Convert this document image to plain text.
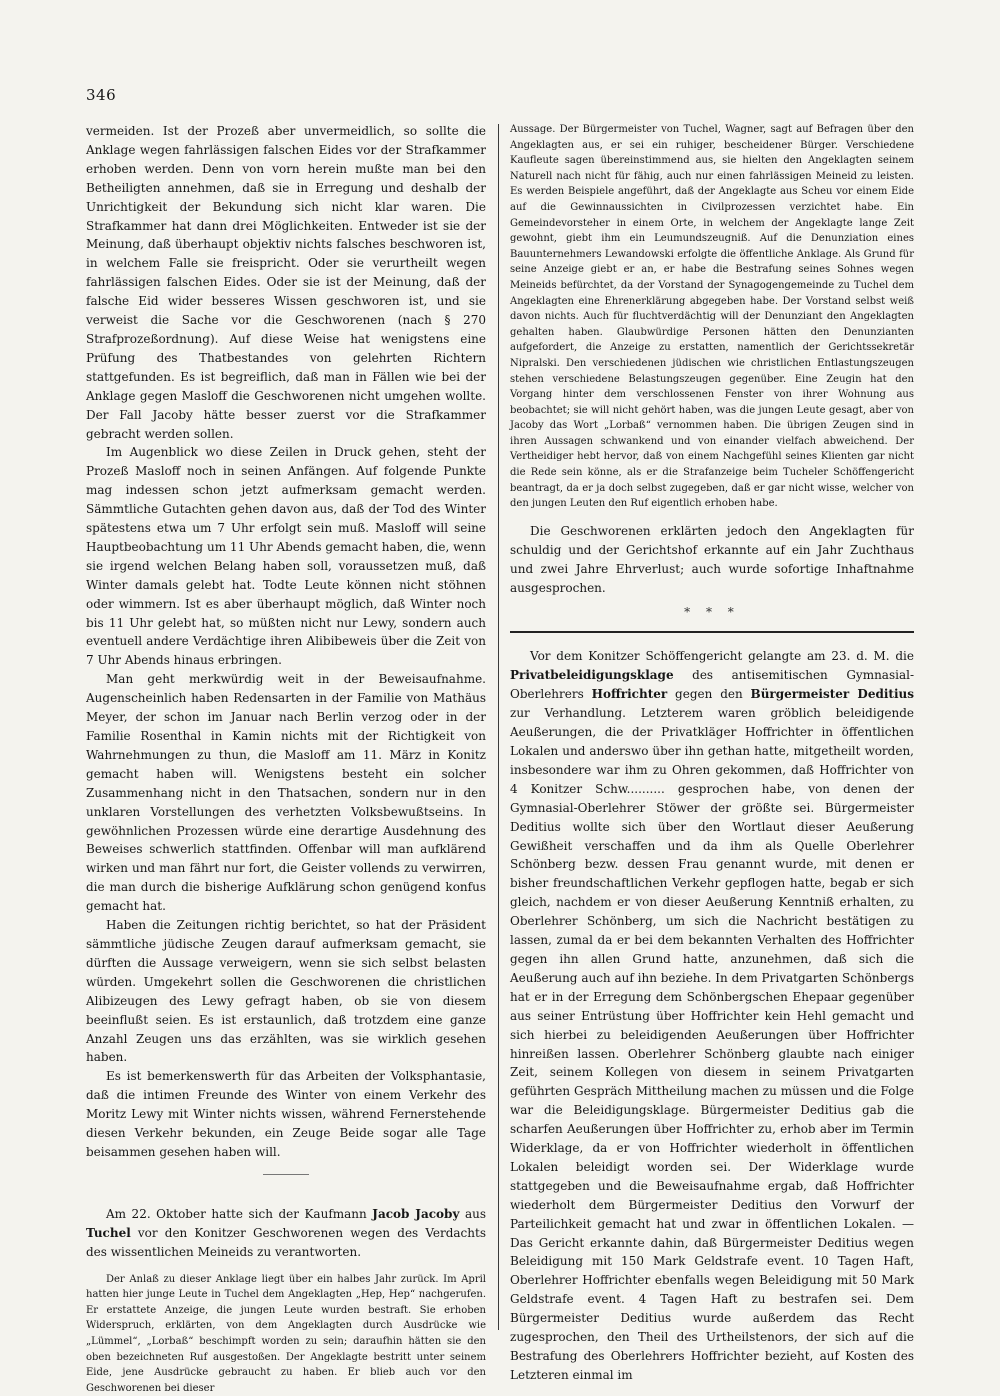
346

vermeiden. Ist der Prozeß aber unvermeidlich, so sollte die Anklage wegen fahrlässigen falschen Eides vor der Strafkammer erhoben werden. Denn von vorn herein mußte man bei den Betheiligten annehmen, daß sie in Erregung und deshalb der Unrichtigkeit der Bekundung sich nicht klar waren. Die Strafkammer hat dann drei Möglichkeiten. Entweder ist sie der Meinung, daß überhaupt objektiv nichts falsches beschworen ist, in welchem Falle sie freispricht. Oder sie verurtheilt wegen fahrlässigen falschen Eides. Oder sie ist der Meinung, daß der falsche Eid wider besseres Wissen geschworen ist, und sie verweist die Sache vor die Geschworenen (nach § 270 Strafprozeßordnung). Auf diese Weise hat wenigstens eine Prüfung des Thatbestandes von gelehrten Richtern stattgefunden. Es ist begreiflich, daß man in Fällen wie bei der Anklage gegen Masloff die Geschworenen nicht umgehen wollte. Der Fall Jacoby hätte besser zuerst vor die Strafkammer gebracht werden sollen.

Im Augenblick wo diese Zeilen in Druck gehen, steht der Prozeß Masloff noch in seinen Anfängen. Auf folgende Punkte mag indessen schon jetzt aufmerksam gemacht werden. Sämmtliche Gutachten gehen davon aus, daß der Tod des Winter spätestens etwa um 7 Uhr erfolgt sein muß. Masloff will seine Hauptbeobachtung um 11 Uhr Abends gemacht haben, die, wenn sie irgend welchen Belang haben soll, voraussetzen muß, daß Winter damals gelebt hat. Todte Leute können nicht stöhnen oder wimmern. Ist es aber überhaupt möglich, daß Winter noch bis 11 Uhr gelebt hat, so müßten nicht nur Lewy, sondern auch eventuell andere Verdächtige ihren Alibibeweis über die Zeit von 7 Uhr Abends hinaus erbringen.

Man geht merkwürdig weit in der Beweisaufnahme. Augenscheinlich haben Redensarten in der Familie von Mathäus Meyer, der schon im Januar nach Berlin verzog oder in der Familie Rosenthal in Kamin nichts mit der Richtigkeit von Wahrnehmungen zu thun, die Masloff am 11. März in Konitz gemacht haben will. Wenigstens besteht ein solcher Zusammenhang nicht in den Thatsachen, sondern nur in den unklaren Vorstellungen des verhetzten Volksbewußtseins. In gewöhnlichen Prozessen würde eine derartige Ausdehnung des Beweises schwerlich stattfinden. Offenbar will man aufklärend wirken und man fährt nur fort, die Geister vollends zu verwirren, die man durch die bisherige Aufklärung schon genügend konfus gemacht hat.

Haben die Zeitungen richtig berichtet, so hat der Präsident sämmtliche jüdische Zeugen darauf aufmerksam gemacht, sie dürften die Aussage verweigern, wenn sie sich selbst belasten würden. Umgekehrt sollen die Geschworenen die christlichen Alibizeugen des Lewy gefragt haben, ob sie von diesem beeinflußt seien. Es ist erstaunlich, daß trotzdem eine ganze Anzahl Zeugen uns das erzählten, was sie wirklich gesehen haben.

Es ist bemerkenswerth für das Arbeiten der Volksphantasie, daß die intimen Freunde des Winter von einem Verkehr des Moritz Lewy mit Winter nichts wissen, während Fernerstehende diesen Verkehr bekunden, ein Zeuge Beide sogar alle Tage beisammen gesehen haben will.

Am 22. Oktober hatte sich der Kaufmann Jacob Jacoby aus Tuchel vor den Konitzer Geschworenen wegen des Verdachts des wissentlichen Meineids zu verantworten.

Der Anlaß zu dieser Anklage liegt über ein halbes Jahr zurück. Im April hatten hier junge Leute in Tuchel dem Angeklagten „Hep, Hep“ nachgerufen. Er erstattete Anzeige, die jungen Leute wurden bestraft. Sie erhoben Widerspruch, erklärten, von dem Angeklagten durch Ausdrücke wie „Lümmel“, „Lorbaß“ beschimpft worden zu sein; daraufhin hätten sie den oben bezeichneten Ruf ausgestoßen. Der Angeklagte bestritt unter seinem Eide, jene Ausdrücke gebraucht zu haben. Er blieb auch vor den Geschworenen bei dieser

Aussage. Der Bürgermeister von Tuchel, Wagner, sagt auf Befragen über den Angeklagten aus, er sei ein ruhiger, bescheidener Bürger. Verschiedene Kaufleute sagen übereinstimmend aus, sie hielten den Angeklagten seinem Naturell nach nicht für fähig, auch nur einen fahrlässigen Meineid zu leisten. Es werden Beispiele angeführt, daß der Angeklagte aus Scheu vor einem Eide auf die Gewinnaussichten in Civilprozessen verzichtet habe. Ein Gemeindevorsteher in einem Orte, in welchem der Angeklagte lange Zeit gewohnt, giebt ihm ein Leumundszeugniß. Auf die Denunziation eines Bauunternehmers Lewandowski erfolgte die öffentliche Anklage. Als Grund für seine Anzeige giebt er an, er habe die Bestrafung seines Sohnes wegen Meineids befürchtet, da der Vorstand der Synagogengemeinde zu Tuchel dem Angeklagten eine Ehrenerklärung abgegeben habe. Der Vorstand selbst weiß davon nichts. Auch für fluchtverdächtig will der Denunziant den Angeklagten gehalten haben. Glaubwürdige Personen hätten den Denunzianten aufgefordert, die Anzeige zu erstatten, namentlich der Gerichtssekretär Nipralski. Den verschiedenen jüdischen wie christlichen Entlastungszeugen stehen verschiedene Belastungszeugen gegenüber. Eine Zeugin hat den Vorgang hinter dem verschlossenen Fenster von ihrer Wohnung aus beobachtet; sie will nicht gehört haben, was die jungen Leute gesagt, aber von Jacoby das Wort „Lorbaß“ vernommen haben. Die übrigen Zeugen sind in ihren Aussagen schwankend und von einander vielfach abweichend. Der Vertheidiger hebt hervor, daß von einem Nachgefühl seines Klienten gar nicht die Rede sein könne, als er die Strafanzeige beim Tucheler Schöffengericht beantragt, da er ja doch selbst zugegeben, daß er gar nicht wisse, welcher von den jungen Leuten den Ruf eigentlich erhoben habe.

Die Geschworenen erklärten jedoch den Angeklagten für schuldig und der Gerichtshof erkannte auf ein Jahr Zuchthaus und zwei Jahre Ehrverlust; auch wurde sofortige Inhaftnahme ausgesprochen.

* * *

Vor dem Konitzer Schöffengericht gelangte am 23. d. M. die Privatbeleidigungsklage des antisemitischen Gymnasial-Oberlehrers Hoffrichter gegen den Bürgermeister Deditius zur Verhandlung. Letzterem waren gröblich beleidigende Aeußerungen, die der Privatkläger Hoffrichter in öffentlichen Lokalen und anderswo über ihn gethan hatte, mitgetheilt worden, insbesondere war ihm zu Ohren gekommen, daß Hoffrichter von 4 Konitzer Schw.......... gesprochen habe, von denen der Gymnasial-Oberlehrer Stöwer der größte sei. Bürgermeister Deditius wollte sich über den Wortlaut dieser Aeußerung Gewißheit verschaffen und da ihm als Quelle Oberlehrer Schönberg bezw. dessen Frau genannt wurde, mit denen er bisher freundschaftlichen Verkehr gepflogen hatte, begab er sich gleich, nachdem er von dieser Aeußerung Kenntniß erhalten, zu Oberlehrer Schönberg, um sich die Nachricht bestätigen zu lassen, zumal da er bei dem bekannten Verhalten des Hoffrichter gegen ihn allen Grund hatte, anzunehmen, daß sich die Aeußerung auch auf ihn beziehe. In dem Privatgarten Schönbergs hat er in der Erregung dem Schönbergschen Ehepaar gegenüber aus seiner Entrüstung über Hoffrichter kein Hehl gemacht und sich hierbei zu beleidigenden Aeußerungen über Hoffrichter hinreißen lassen. Oberlehrer Schönberg glaubte nach einiger Zeit, seinem Kollegen von diesem in seinem Privatgarten geführten Gespräch Mittheilung machen zu müssen und die Folge war die Beleidigungsklage. Bürgermeister Deditius gab die scharfen Aeußerungen über Hoffrichter zu, erhob aber im Termin Widerklage, da er von Hoffrichter wiederholt in öffentlichen Lokalen beleidigt worden sei. Der Widerklage wurde stattgegeben und die Beweisaufnahme ergab, daß Hoffrichter wiederholt dem Bürgermeister Deditius den Vorwurf der Parteilichkeit gemacht hat und zwar in öffentlichen Lokalen. — Das Gericht erkannte dahin, daß Bürgermeister Deditius wegen Beleidigung mit 150 Mark Geldstrafe event. 10 Tagen Haft, Oberlehrer Hoffrichter ebenfalls wegen Beleidigung mit 50 Mark Geldstrafe event. 4 Tagen Haft zu bestrafen sei. Dem Bürgermeister Deditius wurde außerdem das Recht zugesprochen, den Theil des Urtheilstenors, der sich auf die Bestrafung des Oberlehrers Hoffrichter bezieht, auf Kosten des Letzteren einmal im
